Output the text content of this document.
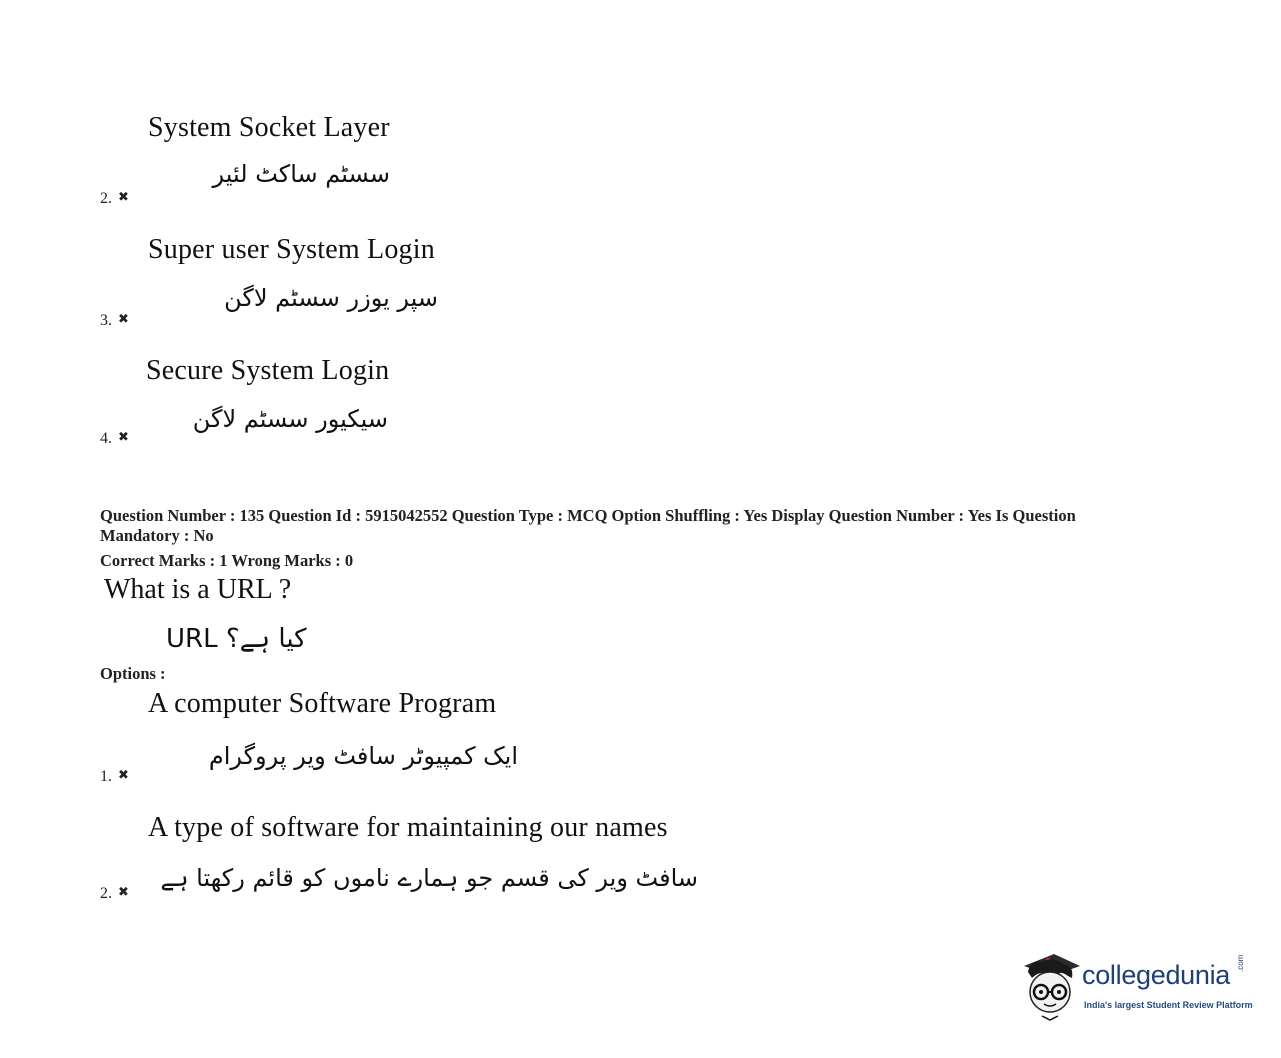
System Socket Layer
سسٹم ساکٹ لئیر
2. ✖
Super user System Login
سپر یوزر سسٹم لاگن
3. ✖
Secure System Login
سیکیور سسٹم لاگن
4. ✖
Question Number : 135 Question Id : 5915042552 Question Type : MCQ Option Shuffling : Yes Display Question Number : Yes Is Question Mandatory : No
Correct Marks : 1 Wrong Marks : 0
What is a URL ?
URL کیا ہے؟
Options :
A computer Software Program
ایک کمپیوٹر سافٹ ویر پروگرام
1. ✖
A type of software for maintaining our names
سافٹ ویر کی قسم جو ہمارے ناموں کو قائم رکھتا ہے
2. ✖
collegedunia .com
India's largest Student Review Platform
